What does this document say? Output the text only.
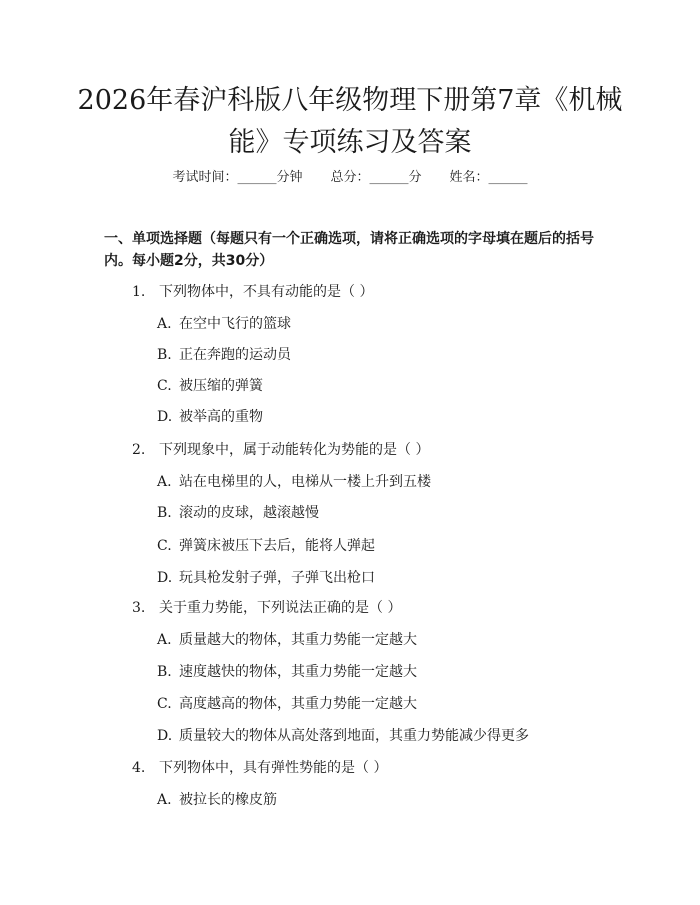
2026年春沪科版八年级物理下册第7章《机械能》专项练习及答案
考试时间：______分钟 总分：______分 姓名：______
一、单项选择题（每题只有一个正确选项，请将正确选项的字母填在题后的括号内。每小题2分，共30分）
1. 下列物体中，不具有动能的是（ ）
A. 在空中飞行的篮球
B. 正在奔跑的运动员
C. 被压缩的弹簧
D. 被举高的重物
2. 下列现象中，属于动能转化为势能的是（ ）
A. 站在电梯里的人，电梯从一楼上升到五楼
B. 滚动的皮球，越滚越慢
C. 弹簧床被压下去后，能将人弹起
D. 玩具枪发射子弹，子弹飞出枪口
3. 关于重力势能，下列说法正确的是（ ）
A. 质量越大的物体，其重力势能一定越大
B. 速度越快的物体，其重力势能一定越大
C. 高度越高的物体，其重力势能一定越大
D. 质量较大的物体从高处落到地面，其重力势能减少得更多
4. 下列物体中，具有弹性势能的是（ ）
A. 被拉长的橡皮筋
